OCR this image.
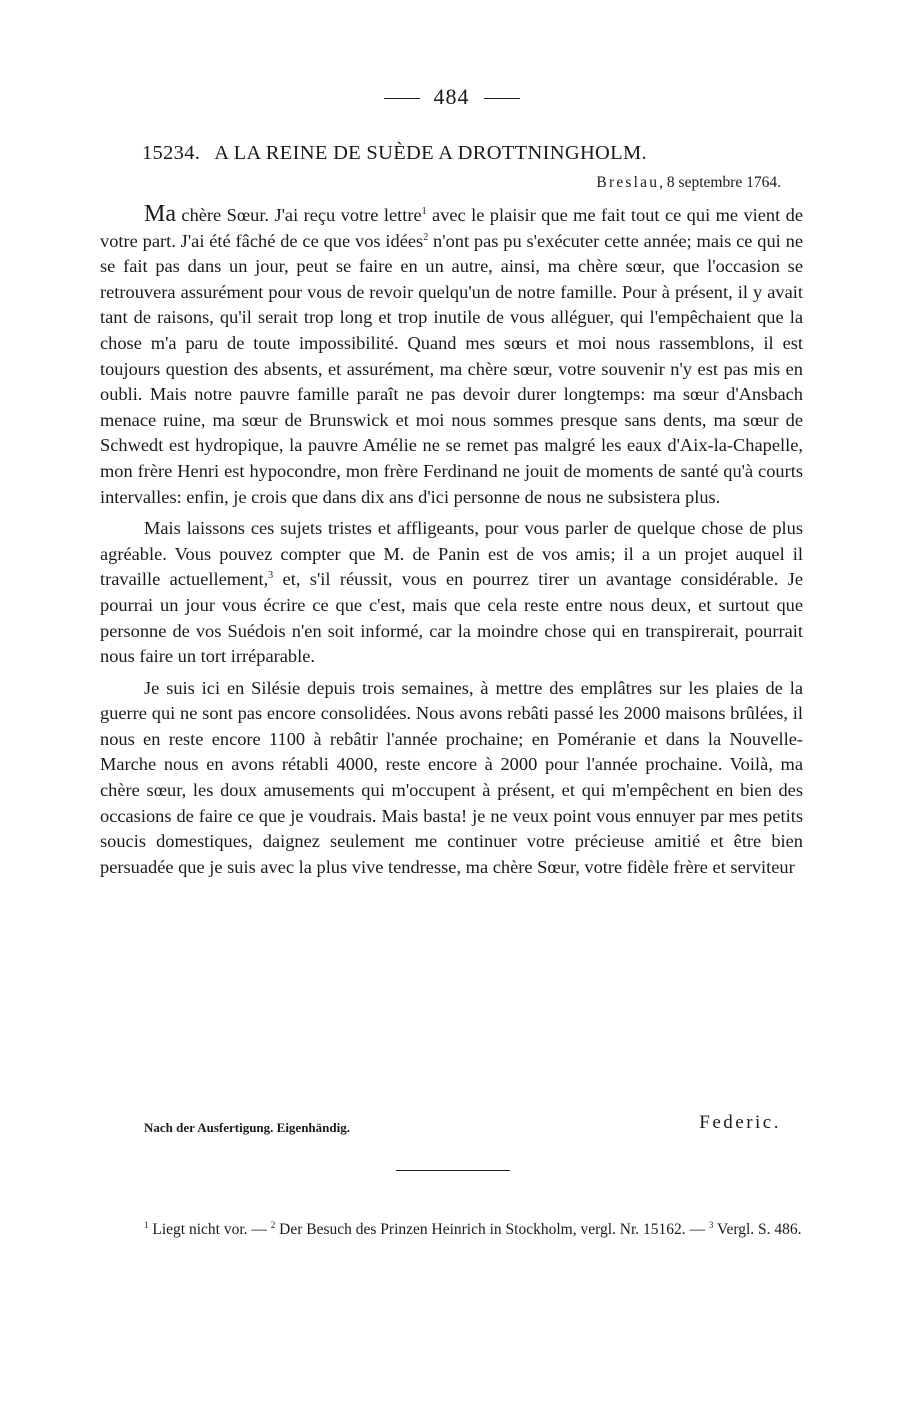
484
15234. A LA REINE DE SUÈDE A DROTTNINGHOLM.
Breslau, 8 septembre 1764.

Ma chère Sœur. J'ai reçu votre lettre$^1$ avec le plaisir que me fait tout ce qui me vient de votre part. J'ai été fâché de ce que vos idées$^2$ n'ont pas pu s'exécuter cette année; mais ce qui ne se fait pas dans un jour, peut se faire en un autre, ainsi, ma chère sœur, que l'occasion se retrouvera assurément pour vous de revoir quelqu'un de notre famille. Pour à présent, il y avait tant de raisons, qu'il serait trop long et trop inutile de vous alléguer, qui l'empêchaient que la chose m'a paru de toute impossibilité. Quand mes sœurs et moi nous rassemblons, il est toujours question des absents, et assurément, ma chère sœur, votre souvenir n'y est pas mis en oubli. Mais notre pauvre famille paraît ne pas devoir durer longtemps: ma sœur d'Ansbach menace ruine, ma sœur de Brunswick et moi nous sommes presque sans dents, ma sœur de Schwedt est hydropique, la pauvre Amélie ne se remet pas malgré les eaux d'Aix-la-Chapelle, mon frère Henri est hypocondre, mon frère Ferdinand ne jouit de moments de santé qu'à courts intervalles: enfin, je crois que dans dix ans d'ici personne de nous ne subsistera plus.

Mais laissons ces sujets tristes et affligeants, pour vous parler de quelque chose de plus agréable. Vous pouvez compter que M. de Panin est de vos amis; il a un projet auquel il travaille actuellement,$^3$ et, s'il réussit, vous en pourrez tirer un avantage considérable. Je pourrai un jour vous écrire ce que c'est, mais que cela reste entre nous deux, et surtout que personne de vos Suédois n'en soit informé, car la moindre chose qui en transpirerait, pourrait nous faire un tort irréparable.

Je suis ici en Silésie depuis trois semaines, à mettre des emplâtres sur les plaies de la guerre qui ne sont pas encore consolidées. Nous avons rebâti passé les 2000 maisons brûlées, il nous en reste encore 1100 à rebâtir l'année prochaine; en Poméranie et dans la Nouvelle-Marche nous en avons rétabli 4000, reste encore à 2000 pour l'année prochaine. Voilà, ma chère sœur, les doux amusements qui m'occupent à présent, et qui m'empêchent en bien des occasions de faire ce que je voudrais. Mais basta! je ne veux point vous ennuyer par mes petits soucis domestiques, daignez seulement me continuer votre précieuse amitié et être bien persuadée que je suis avec la plus vive tendresse, ma chère Sœur, votre fidèle frère et serviteur

Nach der Ausfertigung. Eigenhändig.	Federic.

$^1$ Liegt nicht vor. — $^2$ Der Besuch des Prinzen Heinrich in Stockholm, vergl. Nr. 15162. — $^3$ Vergl. S. 486.
